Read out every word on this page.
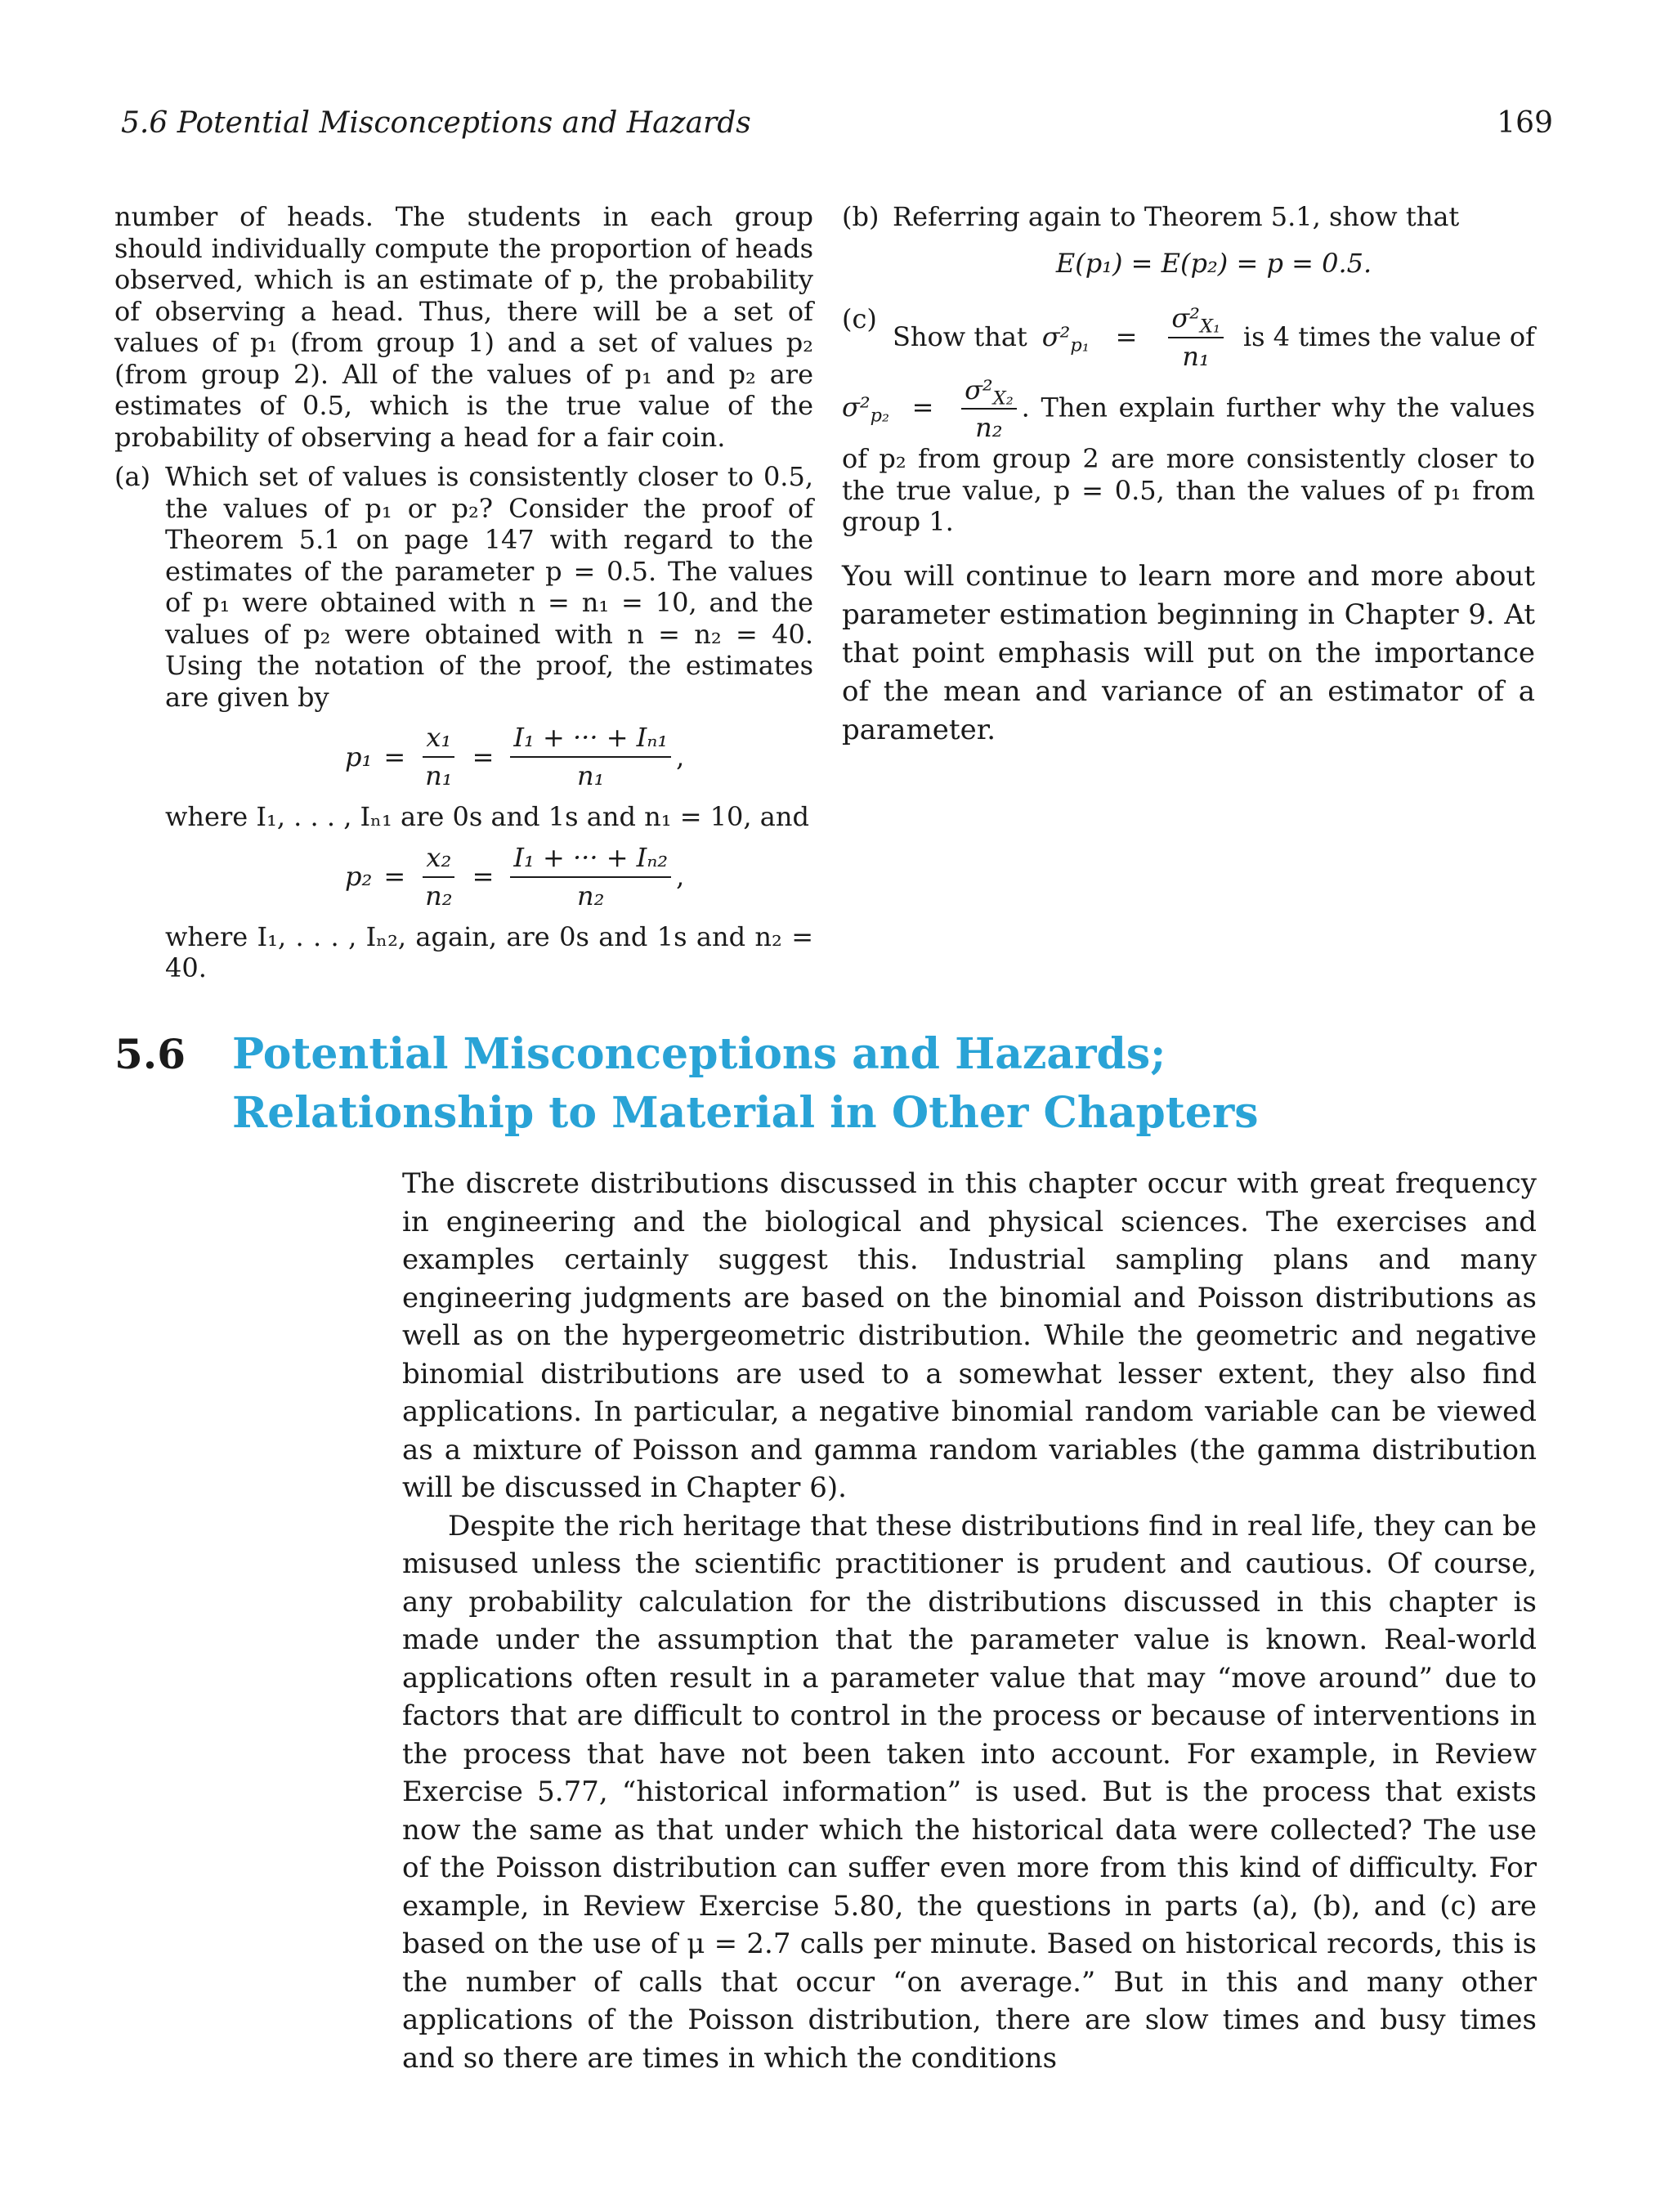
5.6 Potential Misconceptions and Hazards	169

number of heads. The students in each group should individually compute the proportion of heads observed, which is an estimate of p, the probability of observing a head. Thus, there will be a set of values of p₁ (from group 1) and a set of values p₂ (from group 2). All of the values of p₁ and p₂ are estimates of 0.5, which is the true value of the probability of observing a head for a fair coin.

(a) Which set of values is consistently closer to 0.5, the values of p₁ or p₂? Consider the proof of Theorem 5.1 on page 147 with regard to the estimates of the parameter p = 0.5. The values of p₁ were obtained with n = n₁ = 10, and the values of p₂ were obtained with n = n₂ = 40. Using the notation of the proof, the estimates are given by

$p_1 = \frac{\text{x₁}}{\text{n₁}} = \frac{\text{I₁ + ··· + Iₙ₁}}{\text{n₁}}$ ,

where I₁, . . . , Iₙ₁ are 0s and 1s and n₁ = 10, and

$p_2 = \frac{\text{x₂}}{\text{n₂}} = \frac{\text{I₁ + ··· + Iₙ₂}}{\text{n₂}}$ ,

where I₁, . . . , Iₙ₂, again, are 0s and 1s and n₂ = 40.

(b) Referring again to Theorem 5.1, show that

E(p₁) = E(p₂) = p = 0.5.
(c)
Show that $\sigma^2_{p_1} = \frac{\sigma^2_{X_1}}{\text{n₁}}$ is 4 times the value of
$\sigma^2_{p_2} = \frac{\sigma^2_{X_2}}{\text{n₂}}$ . Then explain further why the values of p₂ from group 2 are more consistently closer to the true value, p = 0.5, than the values of p₁ from group 1.

You will continue to learn more and more about parameter estimation beginning in Chapter 9. At that point emphasis will put on the importance of the mean and variance of an estimator of a parameter.

5.6 Potential Misconceptions and Hazards;
Relationship to Material in Other Chapters

The discrete distributions discussed in this chapter occur with great frequency in engineering and the biological and physical sciences. The exercises and examples certainly suggest this. Industrial sampling plans and many engineering judgments are based on the binomial and Poisson distributions as well as on the hypergeometric distribution. While the geometric and negative binomial distributions are used to a somewhat lesser extent, they also find applications. In particular, a negative binomial random variable can be viewed as a mixture of Poisson and gamma random variables (the gamma distribution will be discussed in Chapter 6).

Despite the rich heritage that these distributions find in real life, they can be misused unless the scientific practitioner is prudent and cautious. Of course, any probability calculation for the distributions discussed in this chapter is made under the assumption that the parameter value is known. Real-world applications often result in a parameter value that may “move around” due to factors that are difficult to control in the process or because of interventions in the process that have not been taken into account. For example, in Review Exercise 5.77, “historical information” is used. But is the process that exists now the same as that under which the historical data were collected? The use of the Poisson distribution can suffer even more from this kind of difficulty. For example, in Review Exercise 5.80, the questions in parts (a), (b), and (c) are based on the use of μ = 2.7 calls per minute. Based on historical records, this is the number of calls that occur “on average.” But in this and many other applications of the Poisson distribution, there are slow times and busy times and so there are times in which the conditions
